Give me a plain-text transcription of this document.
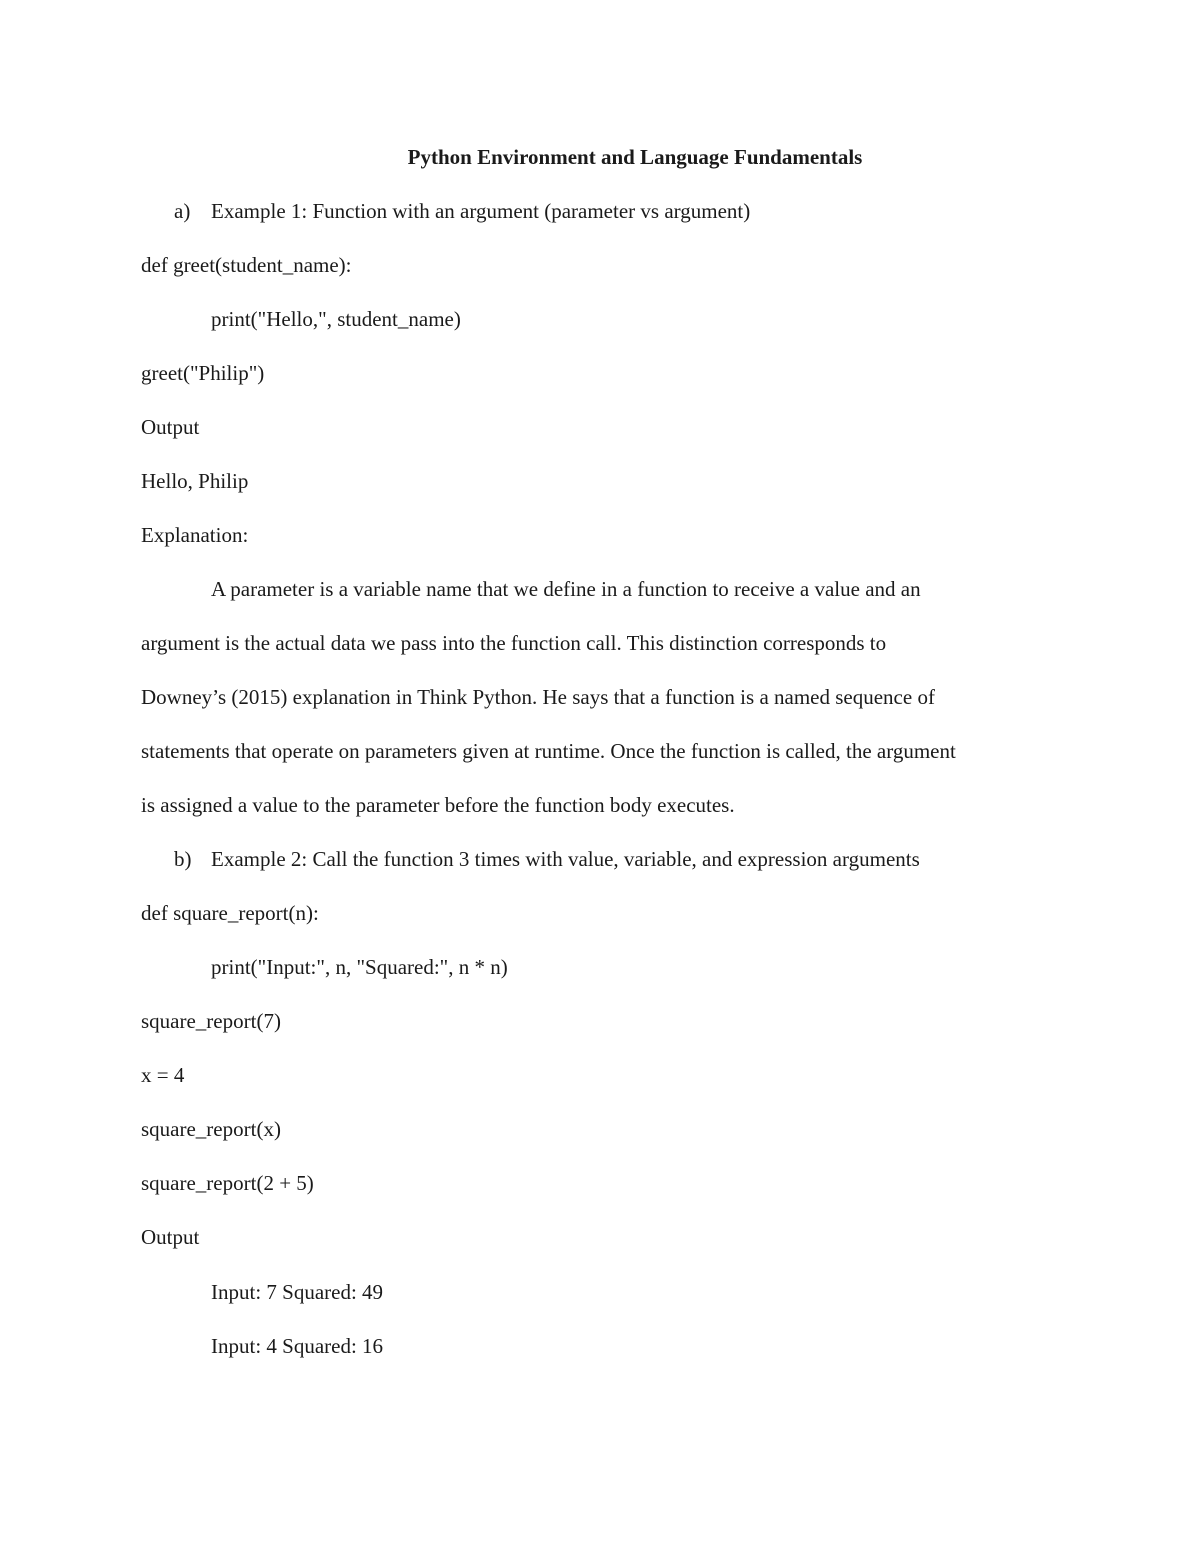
Python Environment and Language Fundamentals
a) Example 1: Function with an argument (parameter vs argument)
def greet(student_name):
print("Hello,", student_name)
greet("Philip")
Output
Hello, Philip
Explanation:
A parameter is a variable name that we define in a function to receive a value and an
argument is the actual data we pass into the function call. This distinction corresponds to
Downey’s (2015) explanation in Think Python. He says that a function is a named sequence of
statements that operate on parameters given at runtime. Once the function is called, the argument
is assigned a value to the parameter before the function body executes.
b) Example 2: Call the function 3 times with value, variable, and expression arguments
def square_report(n):
print("Input:", n, "Squared:", n * n)
square_report(7)
x = 4
square_report(x)
square_report(2 + 5)
Output
Input: 7 Squared: 49
Input: 4 Squared: 16
